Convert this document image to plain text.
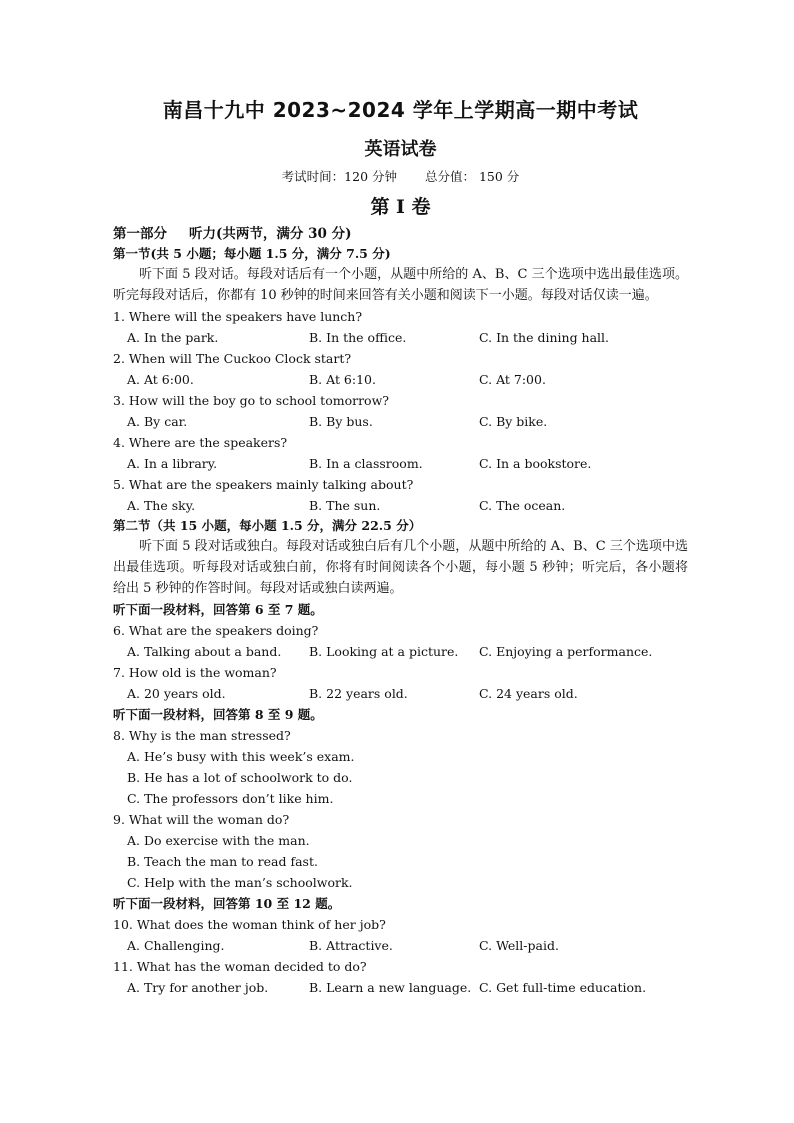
南昌十九中 2023~2024 学年上学期高一期中考试
英语试卷
考试时间：120 分钟 总分值： 150 分
第 I 卷
第一部分 听力(共两节，满分 30 分)
第一节(共 5 小题；每小题 1.5 分，满分 7.5 分)
听下面 5 段对话。每段对话后有一个小题，从题中所给的 A、B、C 三个选项中选出最佳选项。听完每段对话后，你都有 10 秒钟的时间来回答有关小题和阅读下一小题。每段对话仅读一遍。
1. Where will the speakers have lunch?
A. In the park.	B. In the office.	C. In the dining hall.
2. When will The Cuckoo Clock start?
A. At 6:00.	B. At 6:10.	C. At 7:00.
3. How will the boy go to school tomorrow?
A. By car.	B. By bus.	C. By bike.
4. Where are the speakers?
A. In a library.	B. In a classroom.	C. In a bookstore.
5. What are the speakers mainly talking about?
A. The sky.	B. The sun.	C. The ocean.
第二节（共 15 小题，每小题 1.5 分，满分 22.5 分）
听下面 5 段对话或独白。每段对话或独白后有几个小题，从题中所给的 A、B、C 三个选项中选出最佳选项。听每段对话或独白前，你将有时间阅读各个小题，每小题 5 秒钟；听完后，各小题将给出 5 秒钟的作答时间。每段对话或独白读两遍。
听下面一段材料，回答第 6 至 7 题。
6. What are the speakers doing?
A. Talking about a band.	B. Looking at a picture.	C. Enjoying a performance.
7. How old is the woman?
A. 20 years old.	B. 22 years old.	C. 24 years old.
听下面一段材料，回答第 8 至 9 题。
8. Why is the man stressed?
A. He’s busy with this week’s exam.
B. He has a lot of schoolwork to do.
C. The professors don’t like him.
9. What will the woman do?
A. Do exercise with the man.
B. Teach the man to read fast.
C. Help with the man’s schoolwork.
听下面一段材料，回答第 10 至 12 题。
10. What does the woman think of her job?
A. Challenging.	B. Attractive.	C. Well-paid.
11. What has the woman decided to do?
A. Try for another job.	B. Learn a new language. C. Get full-time education.
